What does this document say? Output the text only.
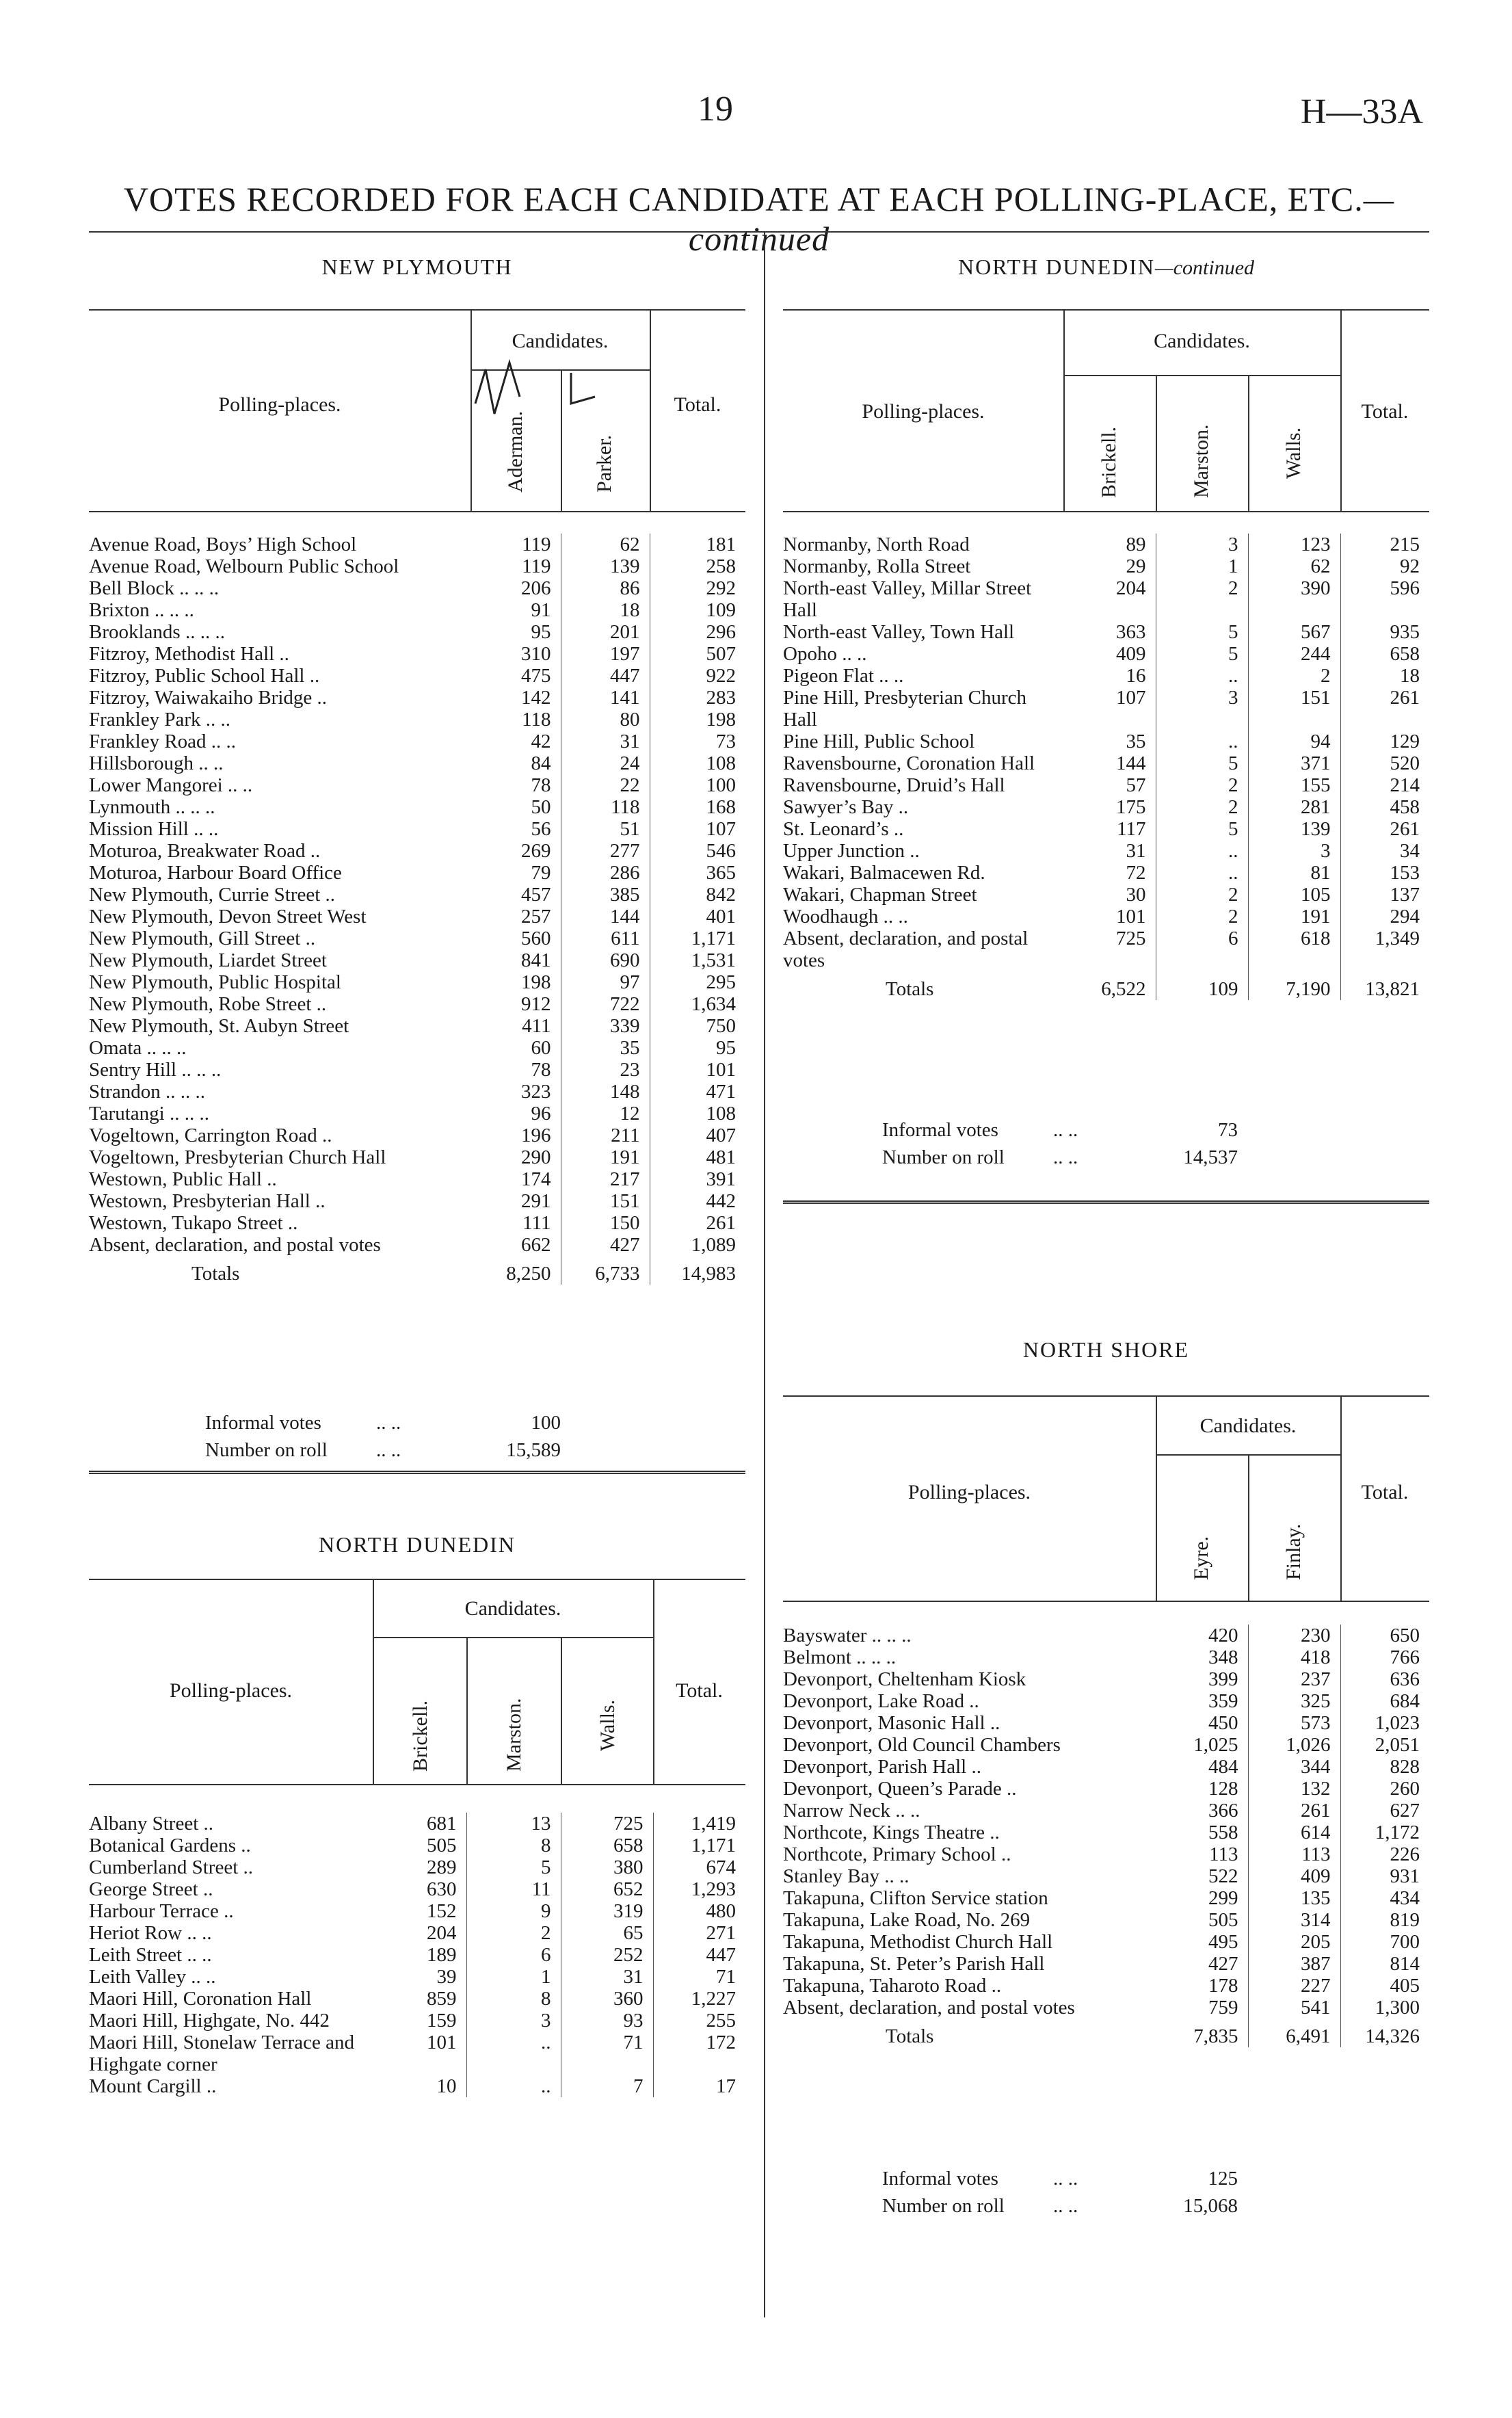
19	H—33A
VOTES RECORDED FOR EACH CANDIDATE AT EACH POLLING-PLACE, ETC.—continued
NEW PLYMOUTH
Candidates.
Polling-places.	Total.
Aderman.	Parker.
Avenue Road, Boys’ High School	119	62	181
Avenue Road, Welbourn Public School	119	139	258
Bell Block .. .. ..	206	86	292
Brixton .. .. ..	91	18	109
Brooklands .. .. ..	95	201	296
Fitzroy, Methodist Hall ..	310	197	507
Fitzroy, Public School Hall ..	475	447	922
Fitzroy, Waiwakaiho Bridge ..	142	141	283
Frankley Park .. ..	118	80	198
Frankley Road .. ..	42	31	73
Hillsborough .. ..	84	24	108
Lower Mangorei .. ..	78	22	100
Lynmouth .. .. ..	50	118	168
Mission Hill .. ..	56	51	107
Moturoa, Breakwater Road ..	269	277	546
Moturoa, Harbour Board Office	79	286	365
New Plymouth, Currie Street ..	457	385	842
New Plymouth, Devon Street West	257	144	401
New Plymouth, Gill Street ..	560	611	1,171
New Plymouth, Liardet Street	841	690	1,531
New Plymouth, Public Hospital	198	97	295
New Plymouth, Robe Street ..	912	722	1,634
New Plymouth, St. Aubyn Street	411	339	750
Omata .. .. ..	60	35	95
Sentry Hill .. .. ..	78	23	101
Strandon .. .. ..	323	148	471
Tarutangi .. .. ..	96	12	108
Vogeltown, Carrington Road ..	196	211	407
Vogeltown, Presbyterian Church Hall	290	191	481
Westown, Public Hall ..	174	217	391
Westown, Presbyterian Hall ..	291	151	442
Westown, Tukapo Street ..	111	150	261
Absent, declaration, and postal votes	662	427	1,089
Totals	8,250	6,733	14,983
Informal votes	.. ..	100
Number on roll .. ..	15,589
NORTH DUNEDIN
Candidates.
Polling-places.	Total.
Brickell.	Marston.	Walls.
Albany Street ..	681	13	725	1,419
Botanical Gardens ..	505	8	658	1,171
Cumberland Street ..	289	5	380	674
George Street ..	630	11	652	1,293
Harbour Terrace ..	152	9	319	480
Heriot Row .. ..	204	2	65	271
Leith Street .. ..	189	6	252	447
Leith Valley .. ..	39	1	31	71
Maori Hill, Coronation Hall	859	8	360	1,227
Maori Hill, Highgate, No. 442	159	3	93	255
Maori Hill, Stonelaw Terrace and Highgate corner	101	..	71	172
Mount Cargill ..	10	..	7	17
NORTH DUNEDIN—continued
Candidates.
Polling-places.	Total.
Brickell.	Marston.	Walls.
Normanby, North Road	89	3	123	215
Normanby, Rolla Street	29	1	62	92
North-east Valley, Millar Street Hall	204	2	390	596
North-east Valley, Town Hall	363	5	567	935
Opoho .. ..	409	5	244	658
Pigeon Flat .. ..	16	..	2	18
Pine Hill, Presbyterian Church Hall	107	3	151	261
Pine Hill, Public School	35	..	94	129
Ravensbourne, Coronation Hall	144	5	371	520
Ravensbourne, Druid’s Hall	57	2	155	214
Sawyer’s Bay ..	175	2	281	458
St. Leonard’s ..	117	5	139	261
Upper Junction ..	31	..	3	34
Wakari, Balmacewen Rd.	72	..	81	153
Wakari, Chapman Street	30	2	105	137
Woodhaugh .. ..	101	2	191	294
Absent, declaration, and postal votes	725	6	618	1,349
Totals	6,522	109	7,190	13,821
Informal votes	.. ..	73
Number on roll .. ..	14,537
NORTH SHORE
Candidates.
Polling-places.	Total.
Eyre.	Finlay.
Bayswater .. .. ..	420	230	650
Belmont .. .. ..	348	418	766
Devonport, Cheltenham Kiosk	399	237	636
Devonport, Lake Road ..	359	325	684
Devonport, Masonic Hall ..	450	573	1,023
Devonport, Old Council Chambers	1,025	1,026	2,051
Devonport, Parish Hall ..	484	344	828
Devonport, Queen’s Parade ..	128	132	260
Narrow Neck .. ..	366	261	627
Northcote, Kings Theatre ..	558	614	1,172
Northcote, Primary School ..	113	113	226
Stanley Bay .. ..	522	409	931
Takapuna, Clifton Service station	299	135	434
Takapuna, Lake Road, No. 269	505	314	819
Takapuna, Methodist Church Hall	495	205	700
Takapuna, St. Peter’s Parish Hall	427	387	814
Takapuna, Taharoto Road ..	178	227	405
Absent, declaration, and postal votes	759	541	1,300
Totals	7,835	6,491	14,326
Informal votes	.. ..	125
Number on roll .. ..	15,068
